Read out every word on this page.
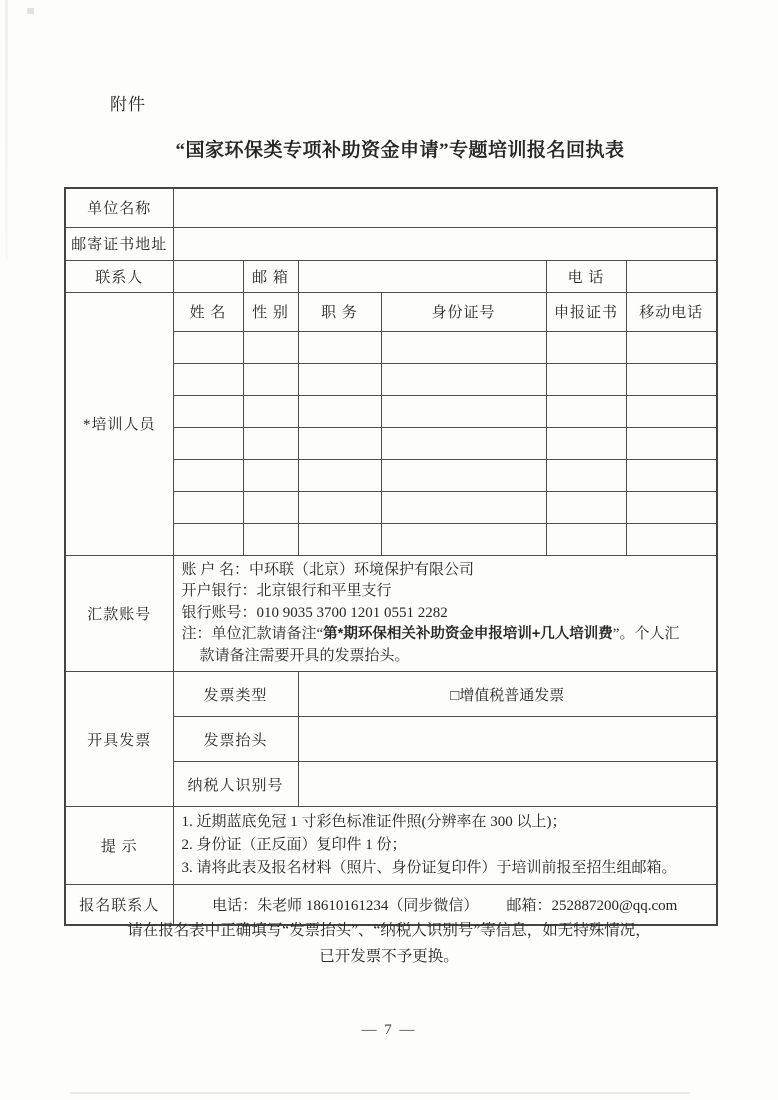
附件
“国家环保类专项补助资金申请”专题培训报名回执表
单位名称						
邮寄证书地址						
联系人		邮 箱			电 话	
*培训人员	姓 名	性 别	职 务	身份证号	申报证书	移动电话

汇款账号	账 户 名：中环联（北京）环境保护有限公司
开户银行：北京银行和平里支行
银行账号：010 9035 3700 1201 0551 2282
注：单位汇款请备注“第*期环保相关补助资金申报培训+几人培训费”。个人汇
款请备注需要开具的发票抬头。					

开具发票	发票类型		□增值税普通发票			
	发票抬头					
	纳税人识别号					
提 示	1. 近期蓝底免冠 1 寸彩色标准证件照(分辨率在 300 以上)；
2. 身份证（正反面）复印件 1 份；
3. 请将此表及报名材料（照片、身份证复印件）于培训前报至招生组邮箱。					

报名联系人	电话：朱老师 18610161234（同步微信） 邮箱：252887200@qq.com					
请在报名表中正确填写“发票抬头”、“纳税人识别号”等信息，如无特殊情况，
已开发票不予更换。
— 7 —
